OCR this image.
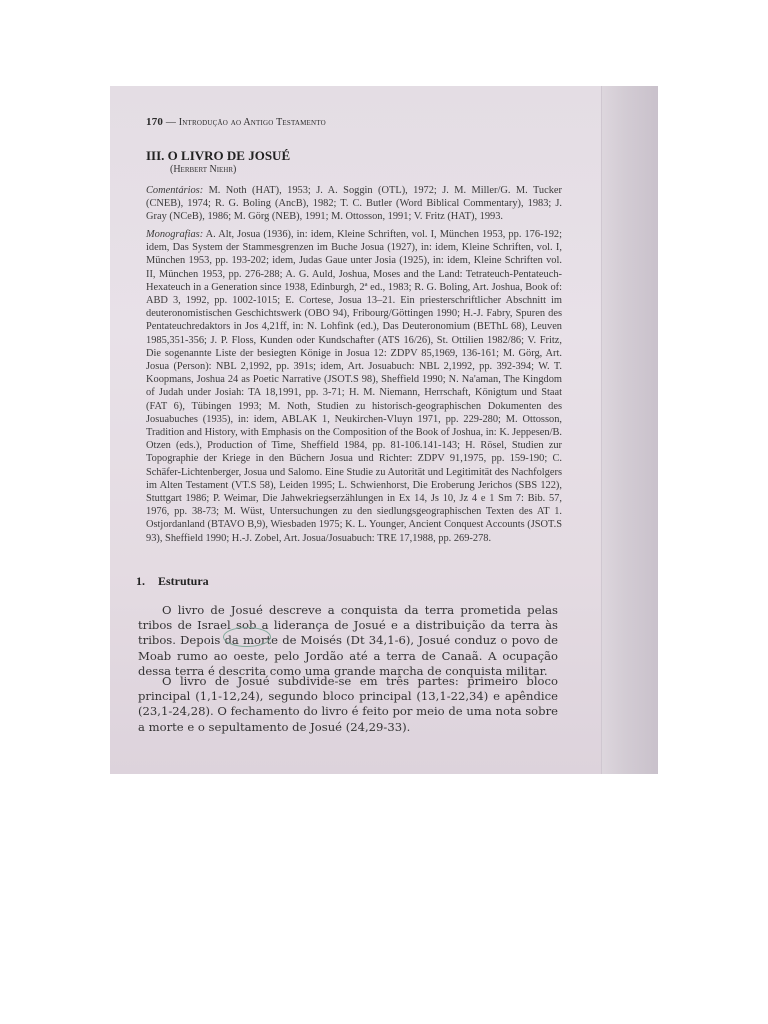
170 — Introdução ao Antigo Testamento
III. O LIVRO DE JOSUÉ
(Herbert Niehr)
Comentários: M. Noth (HAT), 1953; J. A. Soggin (OTL), 1972; J. M. Miller/G. M. Tucker (CNEB), 1974; R. G. Boling (AncB), 1982; T. C. Butler (Word Biblical Commentary), 1983; J. Gray (NCeB), 1986; M. Görg (NEB), 1991; M. Ottosson, 1991; V. Fritz (HAT), 1993.
Monografias: A. Alt, Josua (1936), in: idem, Kleine Schriften, vol. I, München 1953, pp. 176-192; idem, Das System der Stammesgrenzen im Buche Josua (1927), in: idem, Kleine Schriften, vol. I, München 1953, pp. 193-202; idem, Judas Gaue unter Josia (1925), in: idem, Kleine Schriften vol. II, München 1953, pp. 276-288; A. G. Auld, Joshua, Moses and the Land: Tetrateuch-Pentateuch-Hexateuch in a Generation since 1938, Edinburgh, 2ª ed., 1983; R. G. Boling, Art. Joshua, Book of: ABD 3, 1992, pp. 1002-1015; E. Cortese, Josua 13–21. Ein priesterschriftlicher Abschnitt im deuteronomistischen Geschichtswerk (OBO 94), Fribourg/Göttingen 1990; H.-J. Fabry, Spuren des Pentateuchredaktors in Jos 4,21ff, in: N. Lohfink (ed.), Das Deuteronomium (BEThL 68), Leuven 1985,351-356; J. P. Floss, Kunden oder Kundschafter (ATS 16/26), St. Ottilien 1982/86; V. Fritz, Die sogenannte Liste der besiegten Könige in Josua 12: ZDPV 85,1969, 136-161; M. Görg, Art. Josua (Person): NBL 2,1992, pp. 391s; idem, Art. Josuabuch: NBL 2,1992, pp. 392-394; W. T. Koopmans, Joshua 24 as Poetic Narrative (JSOT.S 98), Sheffield 1990; N. Na'aman, The Kingdom of Judah under Josiah: TA 18,1991, pp. 3-71; H. M. Niemann, Herrschaft, Königtum und Staat (FAT 6), Tübingen 1993; M. Noth, Studien zu historisch-geographischen Dokumenten des Josuabuches (1935), in: idem, ABLAK 1, Neukirchen-Vluyn 1971, pp. 229-280; M. Ottosson, Tradition and History, with Emphasis on the Composition of the Book of Joshua, in: K. Jeppesen/B. Otzen (eds.), Production of Time, Sheffield 1984, pp. 81-106.141-143; H. Rösel, Studien zur Topographie der Kriege in den Büchern Josua und Richter: ZDPV 91,1975, pp. 159-190; C. Schäfer-Lichtenberger, Josua und Salomo. Eine Studie zu Autorität und Legitimität des Nachfolgers im Alten Testament (VT.S 58), Leiden 1995; L. Schwienhorst, Die Eroberung Jerichos (SBS 122), Stuttgart 1986; P. Weimar, Die Jahwekriegserzählungen in Ex 14, Js 10, Jz 4 e 1 Sm 7: Bib. 57, 1976, pp. 38-73; M. Wüst, Untersuchungen zu den siedlungsgeographischen Texten des AT 1. Ostjordanland (BTAVO B,9), Wiesbaden 1975; K. L. Younger, Ancient Conquest Accounts (JSOT.S 93), Sheffield 1990; H.-J. Zobel, Art. Josua/Josuabuch: TRE 17,1988, pp. 269-278.
1. Estrutura
O livro de Josué descreve a conquista da terra prometida pelas tribos de Israel sob a liderança de Josué e a distribuição da terra às tribos. Depois da morte de Moisés (Dt 34,1-6), Josué conduz o povo de Moab rumo ao oeste, pelo Jordão até a terra de Canaã. A ocupação dessa terra é descrita como uma grande marcha de conquista militar.
O livro de Josué subdivide-se em três partes: primeiro bloco principal (1,1-12,24), segundo bloco principal (13,1-22,34) e apêndice (23,1-24,28). O fechamento do livro é feito por meio de uma nota sobre a morte e o sepultamento de Josué (24,29-33).
